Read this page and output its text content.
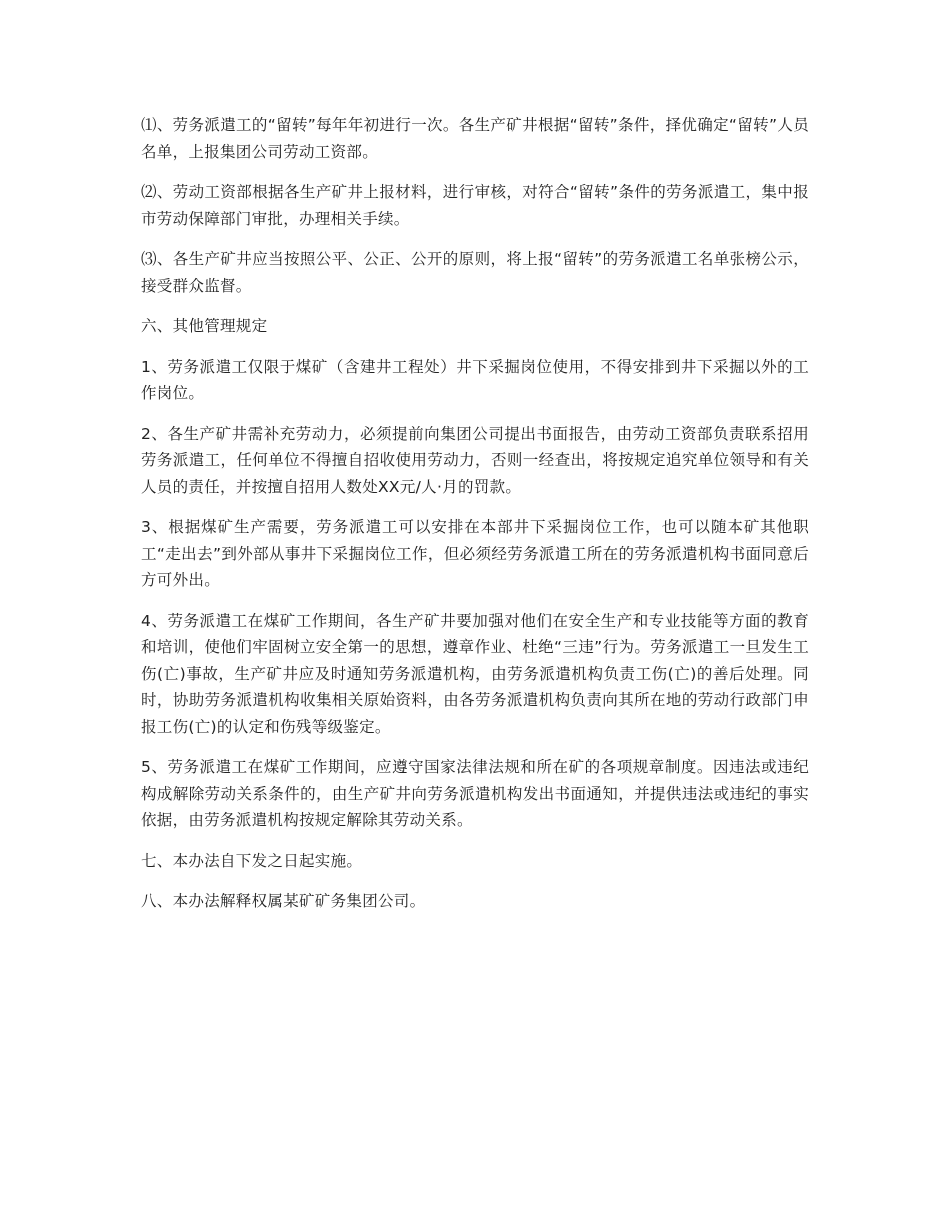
⑴、劳务派遣工的“留转”每年年初进行一次。各生产矿井根据“留转”条件，择优确定“留转”人员名单，上报集团公司劳动工资部。

⑵、劳动工资部根据各生产矿井上报材料，进行审核，对符合“留转”条件的劳务派遣工，集中报市劳动保障部门审批，办理相关手续。

⑶、各生产矿井应当按照公平、公正、公开的原则，将上报“留转”的劳务派遣工名单张榜公示，接受群众监督。

六、其他管理规定

1、劳务派遣工仅限于煤矿（含建井工程处）井下采掘岗位使用，不得安排到井下采掘以外的工作岗位。

2、各生产矿井需补充劳动力，必须提前向集团公司提出书面报告，由劳动工资部负责联系招用劳务派遣工，任何单位不得擅自招收使用劳动力，否则一经查出，将按规定追究单位领导和有关人员的责任，并按擅自招用人数处XX元/人·月的罚款。

3、根据煤矿生产需要，劳务派遣工可以安排在本部井下采掘岗位工作，也可以随本矿其他职工“走出去”到外部从事井下采掘岗位工作，但必须经劳务派遣工所在的劳务派遣机构书面同意后方可外出。

4、劳务派遣工在煤矿工作期间，各生产矿井要加强对他们在安全生产和专业技能等方面的教育和培训，使他们牢固树立安全第一的思想，遵章作业、杜绝“三违”行为。劳务派遣工一旦发生工伤(亡)事故，生产矿井应及时通知劳务派遣机构，由劳务派遣机构负责工伤(亡)的善后处理。同时，协助劳务派遣机构收集相关原始资料，由各劳务派遣机构负责向其所在地的劳动行政部门申报工伤(亡)的认定和伤残等级鉴定。

5、劳务派遣工在煤矿工作期间，应遵守国家法律法规和所在矿的各项规章制度。因违法或违纪构成解除劳动关系条件的，由生产矿井向劳务派遣机构发出书面通知，并提供违法或违纪的事实依据，由劳务派遣机构按规定解除其劳动关系。

七、本办法自下发之日起实施。

八、本办法解释权属某矿矿务集团公司。
